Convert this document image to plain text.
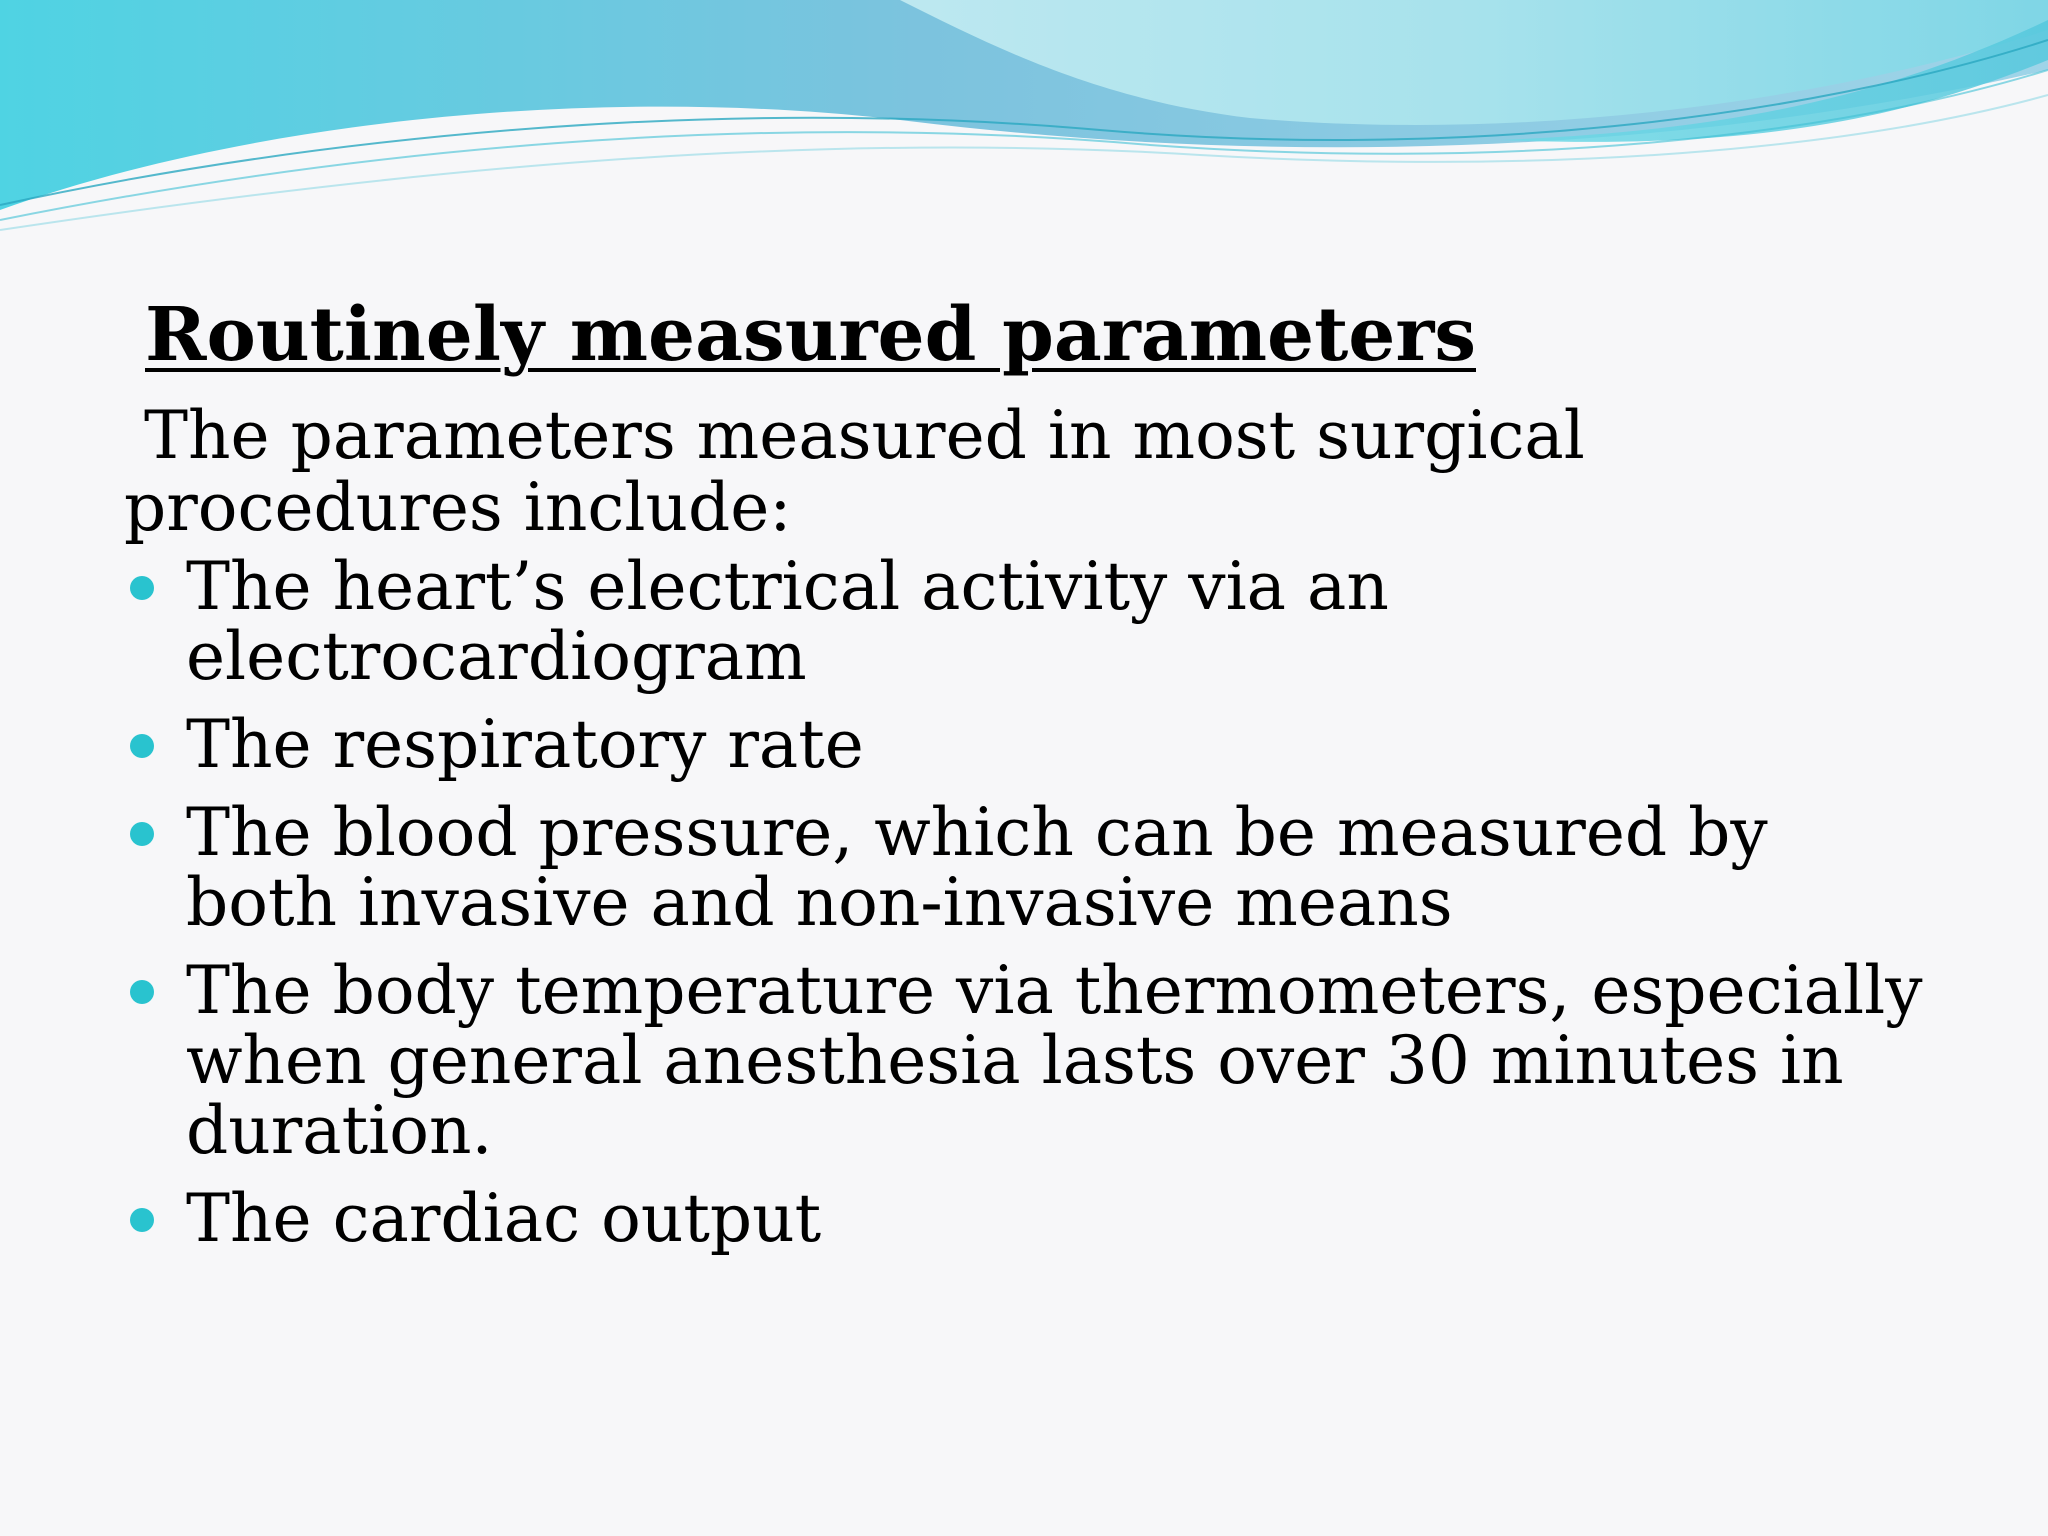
Routinely measured parameters

The parameters measured in most surgical procedures include:

The heart’s electrical activity via an electrocardiogram
The respiratory rate
The blood pressure, which can be measured by both invasive and non-invasive means
The body temperature via thermometers, especially when general anesthesia lasts over 30 minutes in duration.
The cardiac output
